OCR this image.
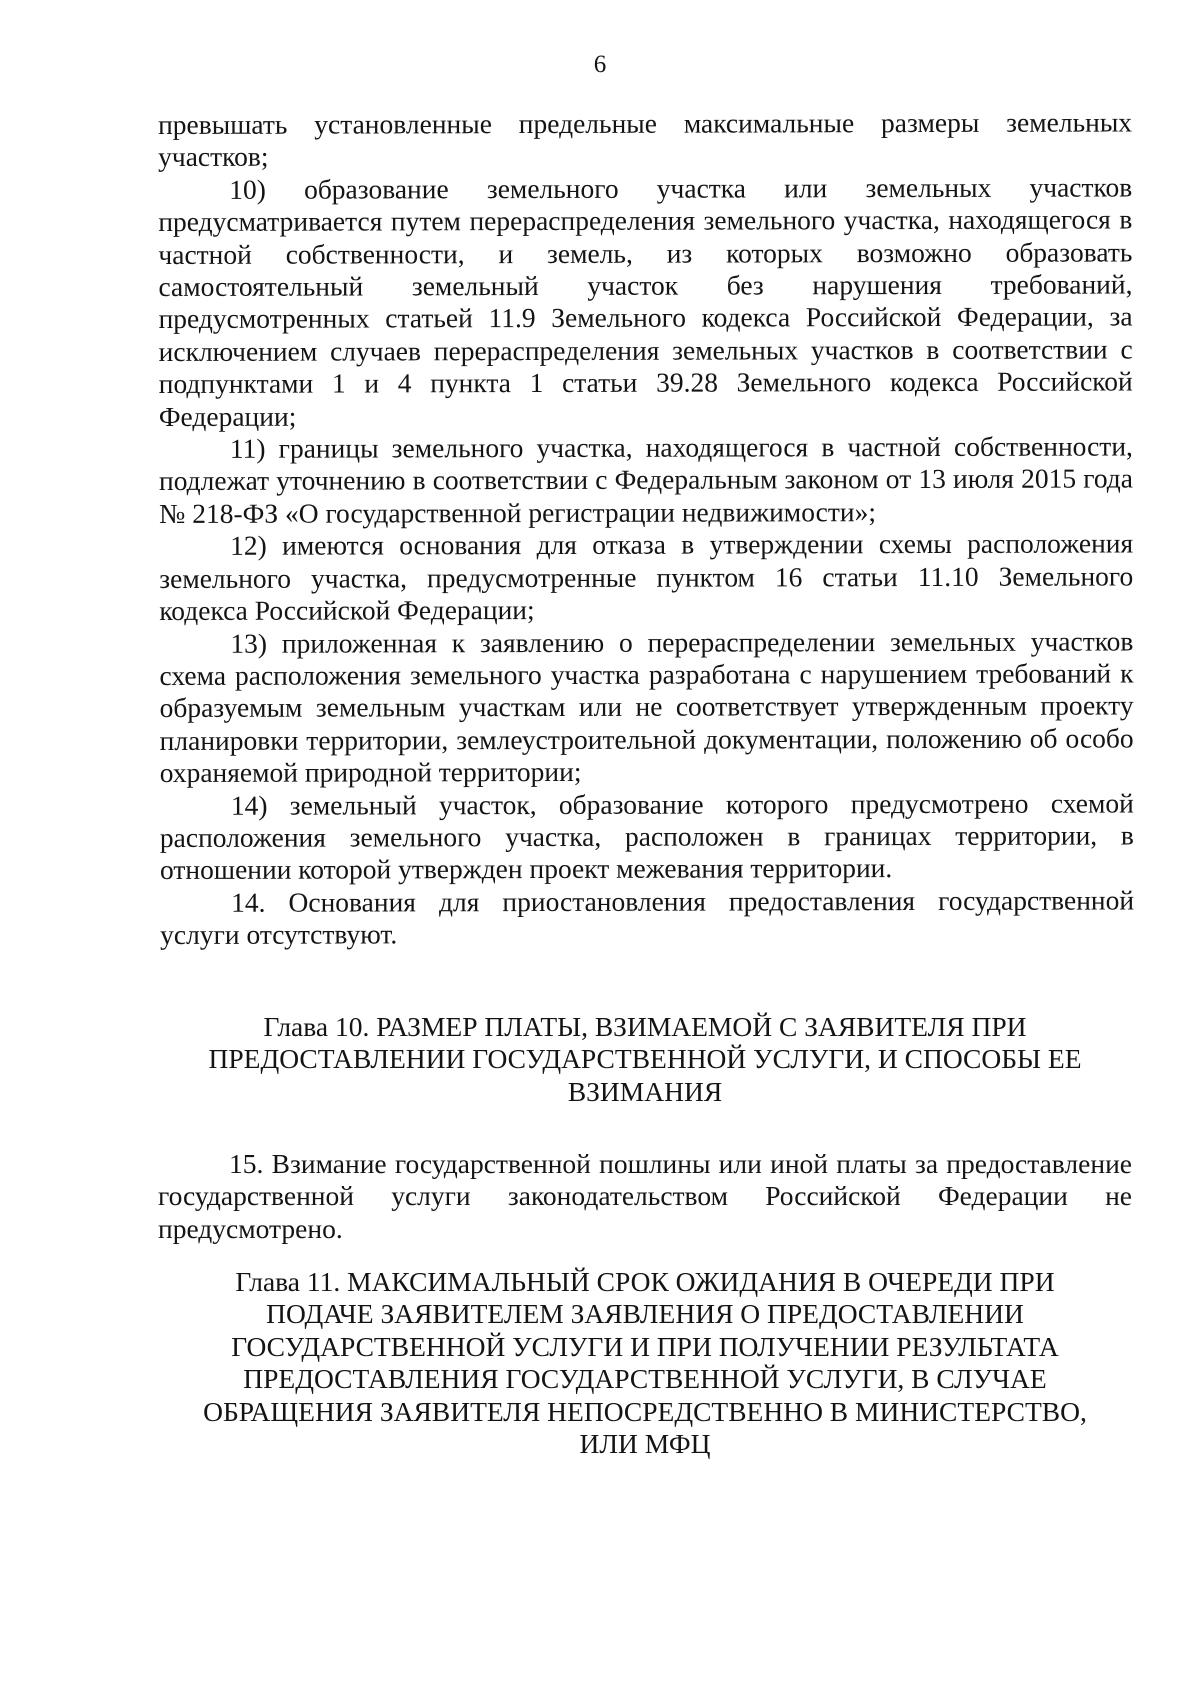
6

превышать установленные предельные максимальные размеры земельных участков;

10) образование земельного участка или земельных участков предусматривается путем перераспределения земельного участка, находящегося в частной собственности, и земель, из которых возможно образовать самостоятельный земельный участок без нарушения требований, предусмотренных статьей 11.9 Земельного кодекса Российской Федерации, за исключением случаев перераспределения земельных участков в соответствии с подпунктами 1 и 4 пункта 1 статьи 39.28 Земельного кодекса Российской Федерации;

11) границы земельного участка, находящегося в частной собственности, подлежат уточнению в соответствии с Федеральным законом от 13 июля 2015 года № 218-ФЗ «О государственной регистрации недвижимости»;

12) имеются основания для отказа в утверждении схемы расположения земельного участка, предусмотренные пунктом 16 статьи 11.10 Земельного кодекса Российской Федерации;

13) приложенная к заявлению о перераспределении земельных участков схема расположения земельного участка разработана с нарушением требований к образуемым земельным участкам или не соответствует утвержденным проекту планировки территории, землеустроительной документации, положению об особо охраняемой природной территории;

14) земельный участок, образование которого предусмотрено схемой расположения земельного участка, расположен в границах территории, в отношении которой утвержден проект межевания территории.

14. Основания для приостановления предоставления государственной услуги отсутствуют.

Глава 10. РАЗМЕР ПЛАТЫ, ВЗИМАЕМОЙ С ЗАЯВИТЕЛЯ ПРИ
ПРЕДОСТАВЛЕНИИ ГОСУДАРСТВЕННОЙ УСЛУГИ, И СПОСОБЫ ЕЕ
ВЗИМАНИЯ

15. Взимание государственной пошлины или иной платы за предоставление государственной услуги законодательством Российской Федерации не предусмотрено.

Глава 11. МАКСИМАЛЬНЫЙ СРОК ОЖИДАНИЯ В ОЧЕРЕДИ ПРИ
ПОДАЧЕ ЗАЯВИТЕЛЕМ ЗАЯВЛЕНИЯ О ПРЕДОСТАВЛЕНИИ
ГОСУДАРСТВЕННОЙ УСЛУГИ И ПРИ ПОЛУЧЕНИИ РЕЗУЛЬТАТА
ПРЕДОСТАВЛЕНИЯ ГОСУДАРСТВЕННОЙ УСЛУГИ, В СЛУЧАЕ
ОБРАЩЕНИЯ ЗАЯВИТЕЛЯ НЕПОСРЕДСТВЕННО В МИНИСТЕРСТВО,
ИЛИ МФЦ
